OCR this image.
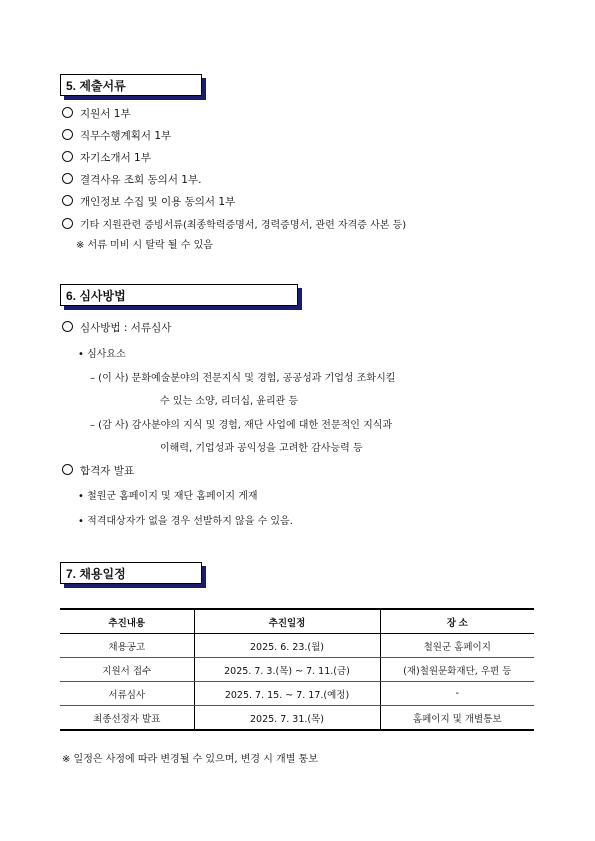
5. 제출서류
지원서 1부
직무수행계획서 1부
자기소개서 1부
결격사유 조회 동의서 1부.
개인정보 수집 및 이용 동의서 1부
기타 지원관련 증빙서류(최종학력증명서, 경력증명서, 관련 자격증 사본 등)
※ 서류 미비 시 탈락 될 수 있음
6. 심사방법
심사방법 : 서류심사
• 심사요소
– (이 사) 문화예술분야의 전문지식 및 경험, 공공성과 기업성 조화시킬
수 있는 소양, 리더십, 윤리관 등
– (감 사) 감사분야의 지식 및 경험, 재단 사업에 대한 전문적인 지식과
이해력, 기업성과 공익성을 고려한 감사능력 등
합격자 발표
• 철원군 홈페이지 및 재단 홈페이지 게재
• 적격대상자가 없을 경우 선발하지 않을 수 있음.
7. 채용일정
추진내용	추진일정	장 소
채용공고	2025. 6. 23.(월)	철원군 홈페이지
지원서 접수	2025. 7. 3.(목) ~ 7. 11.(금)	(재)철원문화재단, 우편 등
서류심사	2025. 7. 15. ~ 7. 17.(예정)	-
최종선정자 발표	2025. 7. 31.(목)	홈페이지 및 개별통보
※ 일정은 사정에 따라 변경될 수 있으며, 변경 시 개별 통보
